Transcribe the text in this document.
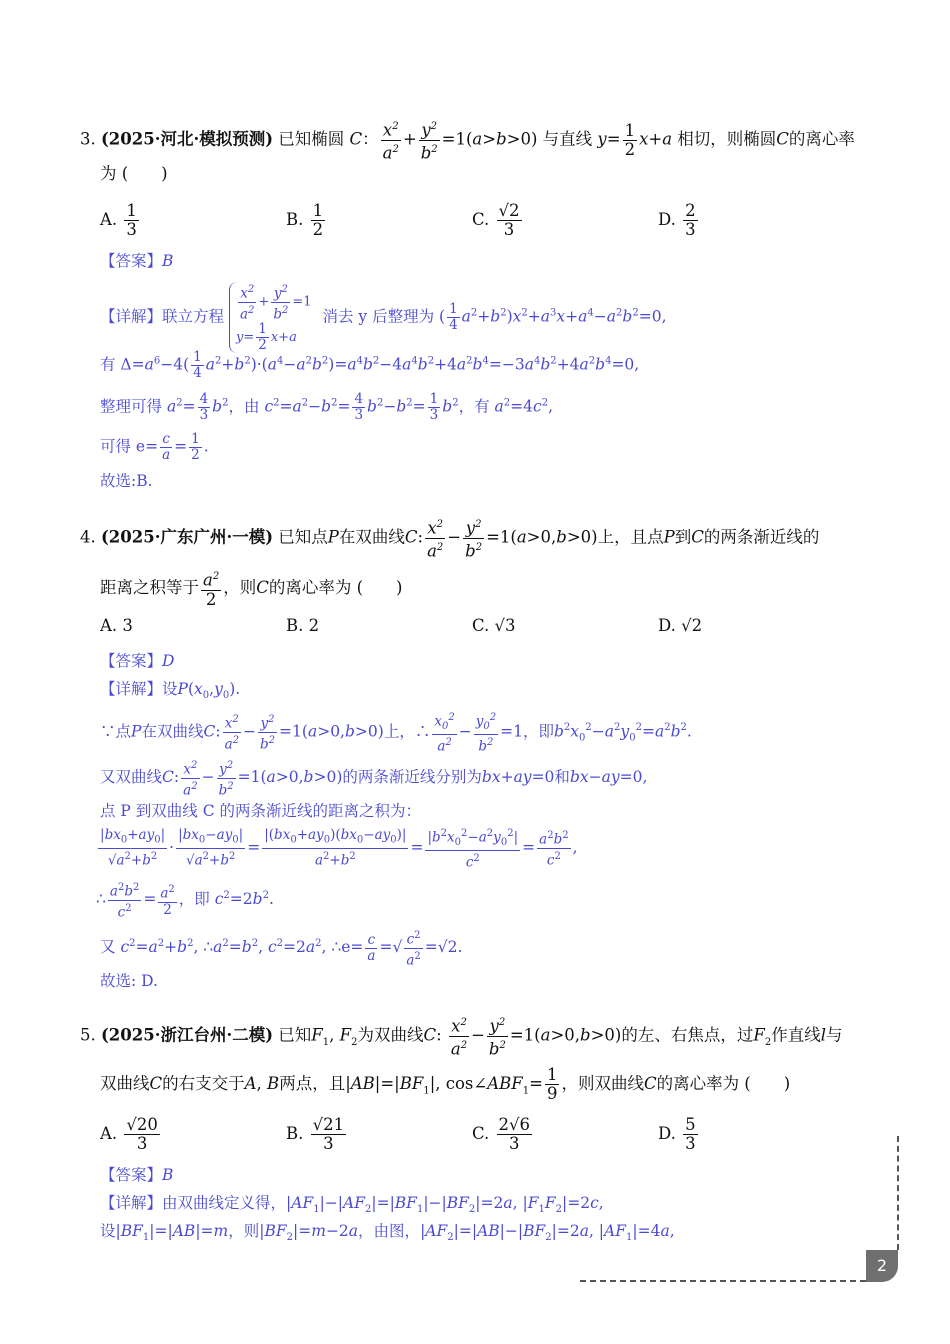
3. (2025·河北·模拟预测) 已知椭圆 C： $\frac{x^2}{a^2} + \frac{y^2}{b^2} =1(a>b>0)$ 与直线 $y= \frac{1}{2} x+a$ 相切，则椭圆C的离心率
为 (　　)
A. $\frac{1}{3}$	B. $\frac{1}{2}$	C. $\frac{√2}{3}$	D. $\frac{2}{3}$
【答案】B
【详解】联立方程 $\frac{x^2}{a^2} + \frac{y^2}{b^2} =1$
$y= \frac{1}{2} x+a$ 消去 y 后整理为 ( $\frac{1}{4} a^2+b^2)x^2+a^3x+a^4-a^2b^2=0$,
有 $\Delta=a^6-4( \frac{1}{4} a^2+b^2)\cdot(a^4-a^2b^2)=a^4b^2-4a^4b^2+4a^2b^4=-3a^4b^2+4a^2b^4=0$,
整理可得 $a^2= \frac{4}{3} b^2$，由 $c^2=a^2-b^2= \frac{4}{3} b^2-b^2= \frac{1}{3} b^2$，有 $a^2=4c^2$,
可得 $e= \frac{c}{a} = \frac{1}{2}$ .
故选:B.
4. (2025·广东广州·一模) 已知点P在双曲线C: $\frac{x^2}{a^2} - \frac{y^2}{b^2} =1(a>0,b>0)$上，且点P到C的两条渐近线的
距离之积等于 $\frac{a^2}{2}$ ，则C的离心率为 (　　)
A. 3	B. 2	C. √3	D. √2
【答案】D
【详解】设$P(x_0,y_0)$.
∵点P在双曲线C: $\frac{x^2}{a^2} - \frac{y^2}{b^2} =1(a>0,b>0)$上，∴ $\frac{x_0^2}{a^2} - \frac{y_0^2}{b^2} =1$，即$b^2x_0^2-a^2y_0^2=a^2b^2$.
又双曲线C: $\frac{x^2}{a^2} - \frac{y^2}{b^2} =1(a>0,b>0)$的两条渐近线分别为bx+ay=0和bx−ay=0,
点 P 到双曲线 C 的两条渐近线的距离之积为：
$\frac{|bx_0+ay_0|}{√a^2+b^2} \cdot \frac{|bx_0-ay_0|}{√a^2+b^2} = \frac{|(bx_0+ay_0)(bx_0-ay_0)|}{a^2+b^2} = \frac{|b^2x_0^2-a^2y_0^2|}{c^2} = \frac{a^2b^2}{c^2}$ ,
∴ $\frac{a^2b^2}{c^2} = \frac{a^2}{2}$ ，即 $c^2=2b^2$.
又 $c^2=a^2+b^2$, $\therefore a^2=b^2$, $c^2=2a^2$, ∴e= $\frac{c}{a}$ =√ $\frac{c^2}{a^2} =√2$.
故选: D.
5. (2025·浙江台州·二模) 已知$F_1$, $F_2$为双曲线C: $\frac{x^2}{a^2} - \frac{y^2}{b^2} =1(a>0,b>0)$的左、右焦点，过$F_2$作直线l与
双曲线C的右支交于A, B两点，且$|AB|=|BF_1|$, $\cos\angle ABF_1= \frac{1}{9}$ ，则双曲线C的离心率为 (　　)
A. $\frac{√20}{3}$	B. $\frac{√21}{3}$	C. $\frac{2√6}{3}$	D. $\frac{5}{3}$
【答案】B
【详解】由双曲线定义得，$|AF_1|-|AF_2|=|BF_1|-|BF_2|=2a$, $|F_1F_2|=2c$,
设$|BF_1|=|AB|=m$，则$|BF_2|=m-2a$，由图，$|AF_2|=|AB|-|BF_2|=2a$, $|AF_1|=4a$,
2
